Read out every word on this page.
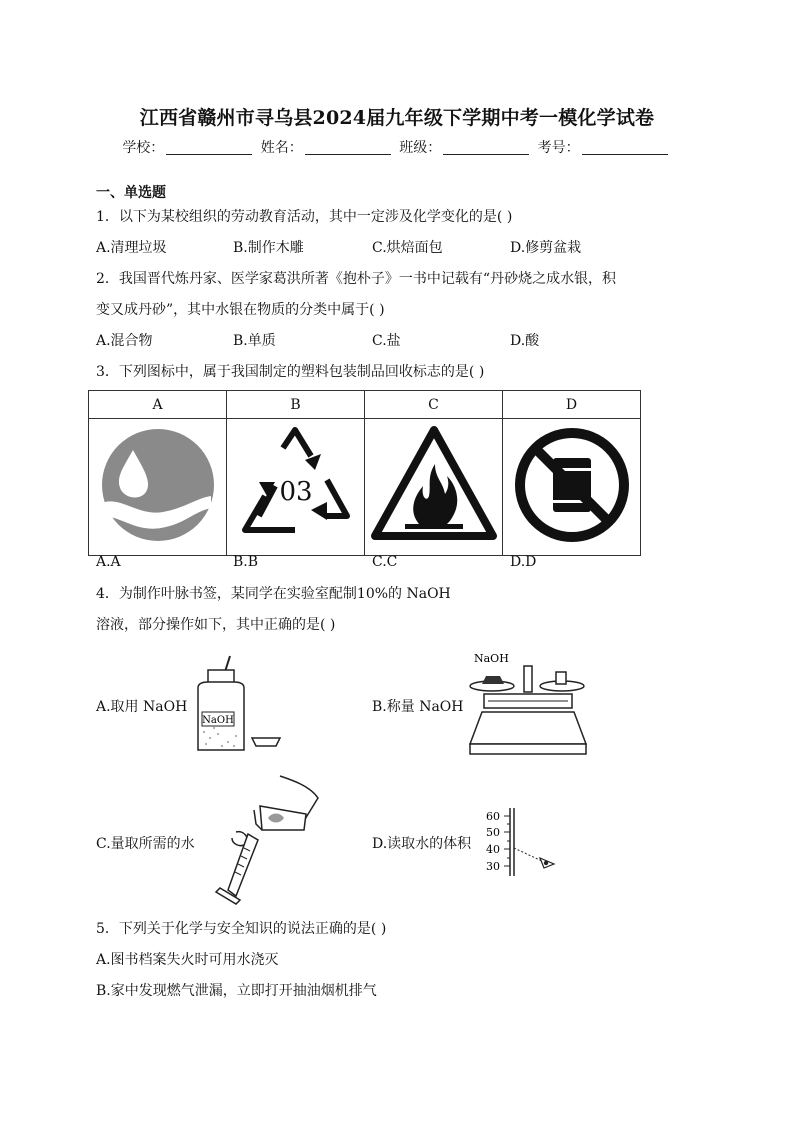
江西省赣州市寻乌县2024届九年级下学期中考一模化学试卷
学校：	姓名：	班级：	考号：
一、单选题
1．以下为某校组织的劳动教育活动，其中一定涉及化学变化的是( )
A.清理垃圾	B.制作木雕	C.烘焙面包	D.修剪盆栽
2．我国晋代炼丹家、医学家葛洪所著《抱朴子》一书中记载有“丹砂烧之成水银，积
变又成丹砂”，其中水银在物质的分类中属于( )
A.混合物	B.单质	C.盐	D.酸
3．下列图标中，属于我国制定的塑料包装制品回收标志的是( )
A	B	C	D

03

A.A	B.B	C.C	D.D
4．为制作叶脉书签，某同学在实验室配制10%的 NaOH
溶液，部分操作如下，其中正确的是( )
A.取用 NaOH
NaOH
B.称量 NaOH
NaOH
C.量取所需的水	D.读取水的体积
60
50
40
30
5．下列关于化学与安全知识的说法正确的是( )
A.图书档案失火时可用水浇灭
B.家中发现燃气泄漏，立即打开抽油烟机排气
